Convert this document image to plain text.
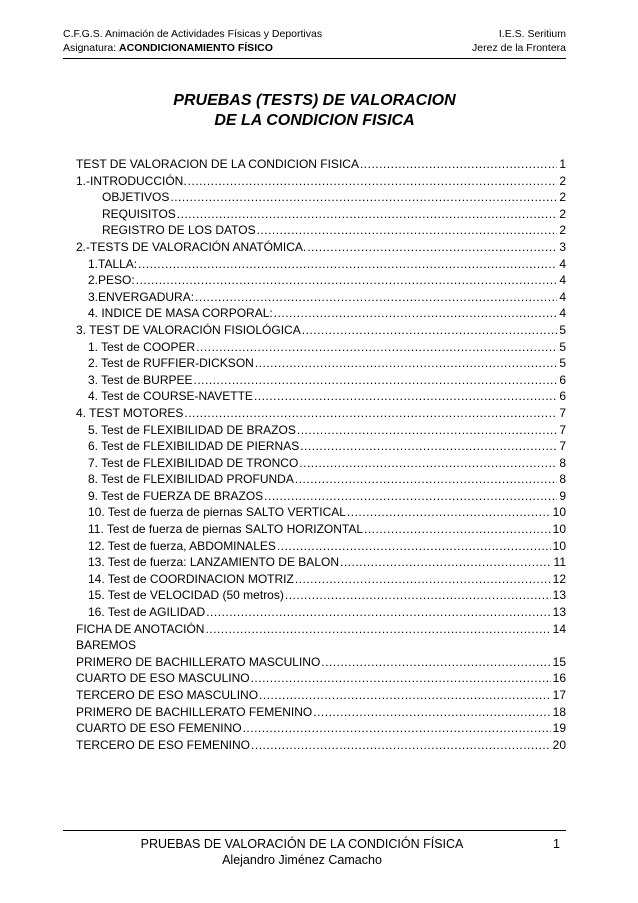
C.F.G.S. Animación de Actividades Físicas y Deportivas	I.E.S. Seritium
Asignatura: ACONDICIONAMIENTO FÍSICO	Jerez de la Frontera
PRUEBAS (TESTS) DE VALORACION
DE LA CONDICION FISICA
TEST DE VALORACION DE LA CONDICION FISICA .....	1
1.-INTRODUCCIÓN. .....	2
OBJETIVOS .....	2
REQUISITOS .....	2
REGISTRO DE LOS DATOS .....	2
2.-TESTS DE VALORACIÓN ANATÓMICA. .....	3
1.TALLA: .....	4
2.PESO: .....	4
3.ENVERGADURA: .....	4
4. INDICE DE MASA CORPORAL: .....	4
3. TEST DE VALORACIÓN FISIOLÓGICA .....	5
1. Test de COOPER .....	5
2. Test de RUFFIER-DICKSON .....	5
3. Test de BURPEE .....	6
4. Test de COURSE-NAVETTE .....	6
4. TEST MOTORES .....	7
5. Test de FLEXIBILIDAD DE BRAZOS .....	7
6. Test de FLEXIBILIDAD DE PIERNAS .....	7
7. Test de FLEXIBILIDAD DE TRONCO .....	8
8. Test de FLEXIBILIDAD PROFUNDA .....	8
9. Test de FUERZA DE BRAZOS .....	9
10. Test de fuerza de piernas SALTO VERTICAL .....	10
11. Test de fuerza de piernas SALTO HORIZONTAL .....	10
12. Test de fuerza, ABDOMINALES .....	10
13. Test de fuerza: LANZAMIENTO DE BALON .....	11
14. Test de COORDINACION MOTRIZ .....	12
15. Test de VELOCIDAD (50 metros) .....	13
16. Test de AGILIDAD .....	13
FICHA DE ANOTACIÓN .....	14
BAREMOS
PRIMERO DE BACHILLERATO MASCULINO .....	15
CUARTO DE ESO MASCULINO .....	16
TERCERO DE ESO MASCULINO .....	17
PRIMERO DE BACHILLERATO FEMENINO .....	18
CUARTO DE ESO FEMENINO .....	19
TERCERO DE ESO FEMENINO .....	20
PRUEBAS DE VALORACIÓN DE LA CONDICIÓN FÍSICA
Alejandro Jiménez Camacho
1
